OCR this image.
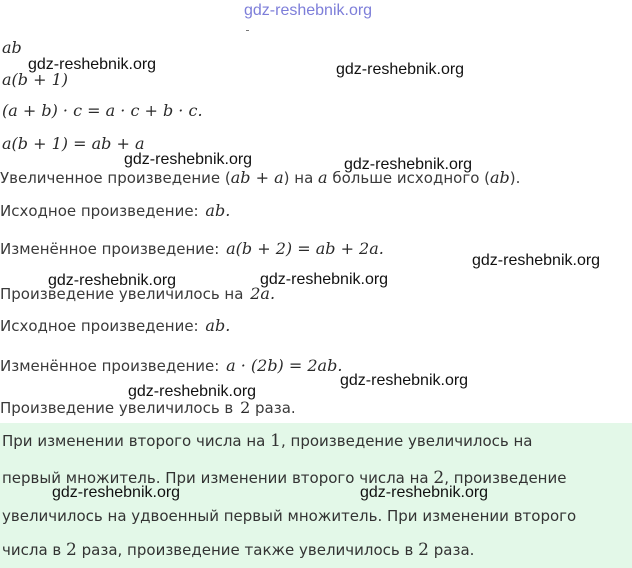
gdz-reshebnik.org
ab
a(b + 1)
(a + b) · c = a · c + b · c.
a(b + 1) = ab + a
Увеличенное произведение (ab + a) на a больше исходного (ab).
Исходное произведение: ab.
Изменённое произведение: a(b + 2) = ab + 2a.
Произведение увеличилось на 2a.
Исходное произведение: ab.
Изменённое произведение: a · (2b) = 2ab.
Произведение увеличилось в 2 раза.
При изменении второго числа на 1, произведение увеличилось на
первый множитель. При изменении второго числа на 2, произведение
увеличилось на удвоенный первый множитель. При изменении второго
числа в 2 раза, произведение также увеличилось в 2 раза.
gdz-reshebnik.org	gdz-reshebnik.org
gdz-reshebnik.org	gdz-reshebnik.org
gdz-reshebnik.org
gdz-reshebnik.org	gdz-reshebnik.org
gdz-reshebnik.org
gdz-reshebnik.org
gdz-reshebnik.org	gdz-reshebnik.org
